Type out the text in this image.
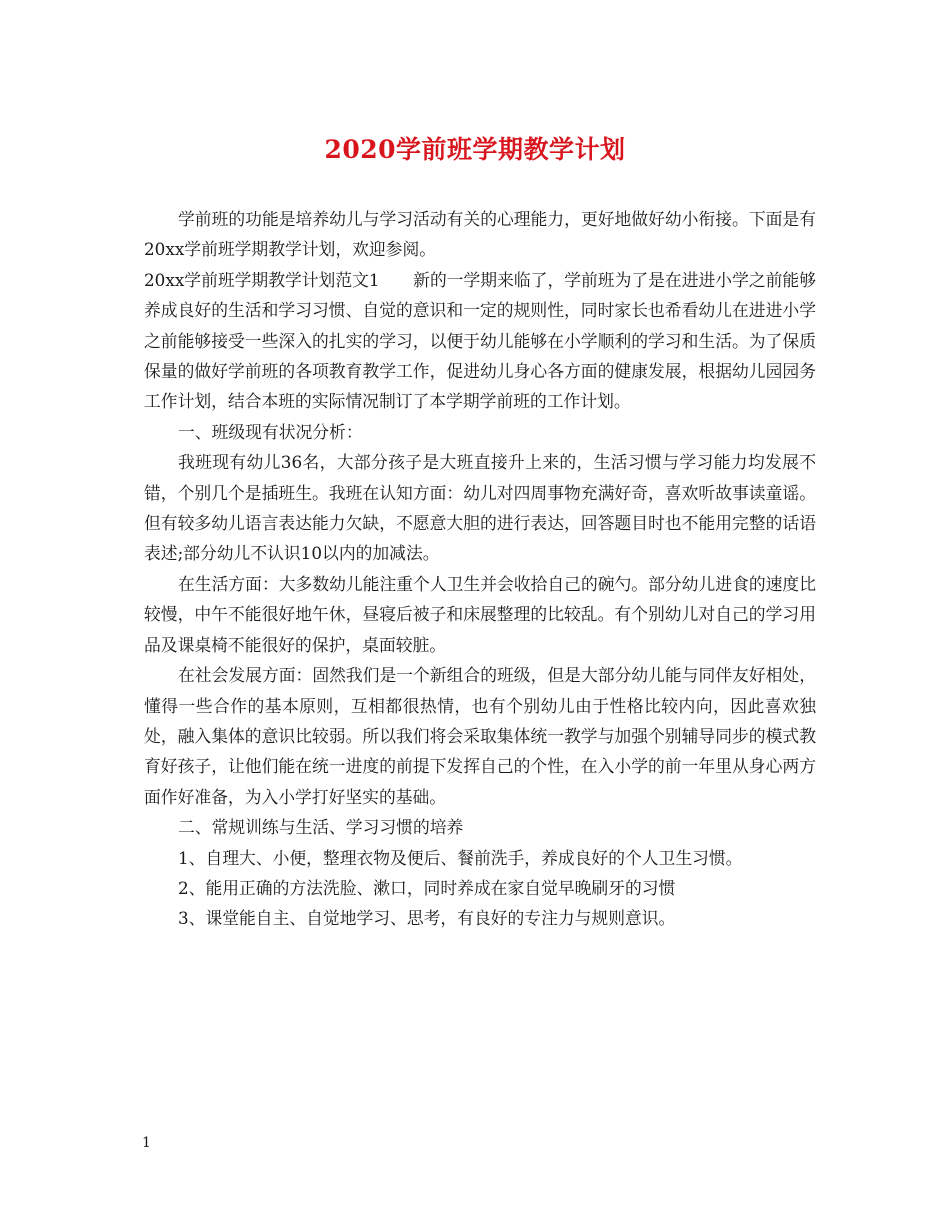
2020学前班学期教学计划

学前班的功能是培养幼儿与学习活动有关的心理能力，更好地做好幼小衔接。下面是有20xx学前班学期教学计划，欢迎参阅。

20xx学前班学期教学计划范文1　　新的一学期来临了，学前班为了是在进进小学之前能够养成良好的生活和学习习惯、自觉的意识和一定的规则性，同时家长也希看幼儿在进进小学之前能够接受一些深入的扎实的学习，以便于幼儿能够在小学顺利的学习和生活。为了保质保量的做好学前班的各项教育教学工作，促进幼儿身心各方面的健康发展，根据幼儿园园务工作计划，结合本班的实际情况制订了本学期学前班的工作计划。

一、班级现有状况分析：

我班现有幼儿36名，大部分孩子是大班直接升上来的，生活习惯与学习能力均发展不错，个别几个是插班生。我班在认知方面：幼儿对四周事物充满好奇，喜欢听故事读童谣。但有较多幼儿语言表达能力欠缺，不愿意大胆的进行表达，回答题目时也不能用完整的话语表述;部分幼儿不认识10以内的加减法。

在生活方面：大多数幼儿能注重个人卫生并会收拾自己的碗勺。部分幼儿进食的速度比较慢，中午不能很好地午休，昼寝后被子和床展整理的比较乱。有个别幼儿对自己的学习用品及课桌椅不能很好的保护，桌面较脏。

在社会发展方面：固然我们是一个新组合的班级，但是大部分幼儿能与同伴友好相处，懂得一些合作的基本原则，互相都很热情，也有个别幼儿由于性格比较内向，因此喜欢独处，融入集体的意识比较弱。所以我们将会采取集体统一教学与加强个别辅导同步的模式教育好孩子，让他们能在统一进度的前提下发挥自己的个性，在入小学的前一年里从身心两方面作好准备，为入小学打好坚实的基础。

二、常规训练与生活、学习习惯的培养

1、自理大、小便，整理衣物及便后、餐前洗手，养成良好的个人卫生习惯。

2、能用正确的方法洗脸、漱口，同时养成在家自觉早晚刷牙的习惯

3、课堂能自主、自觉地学习、思考，有良好的专注力与规则意识。

1
